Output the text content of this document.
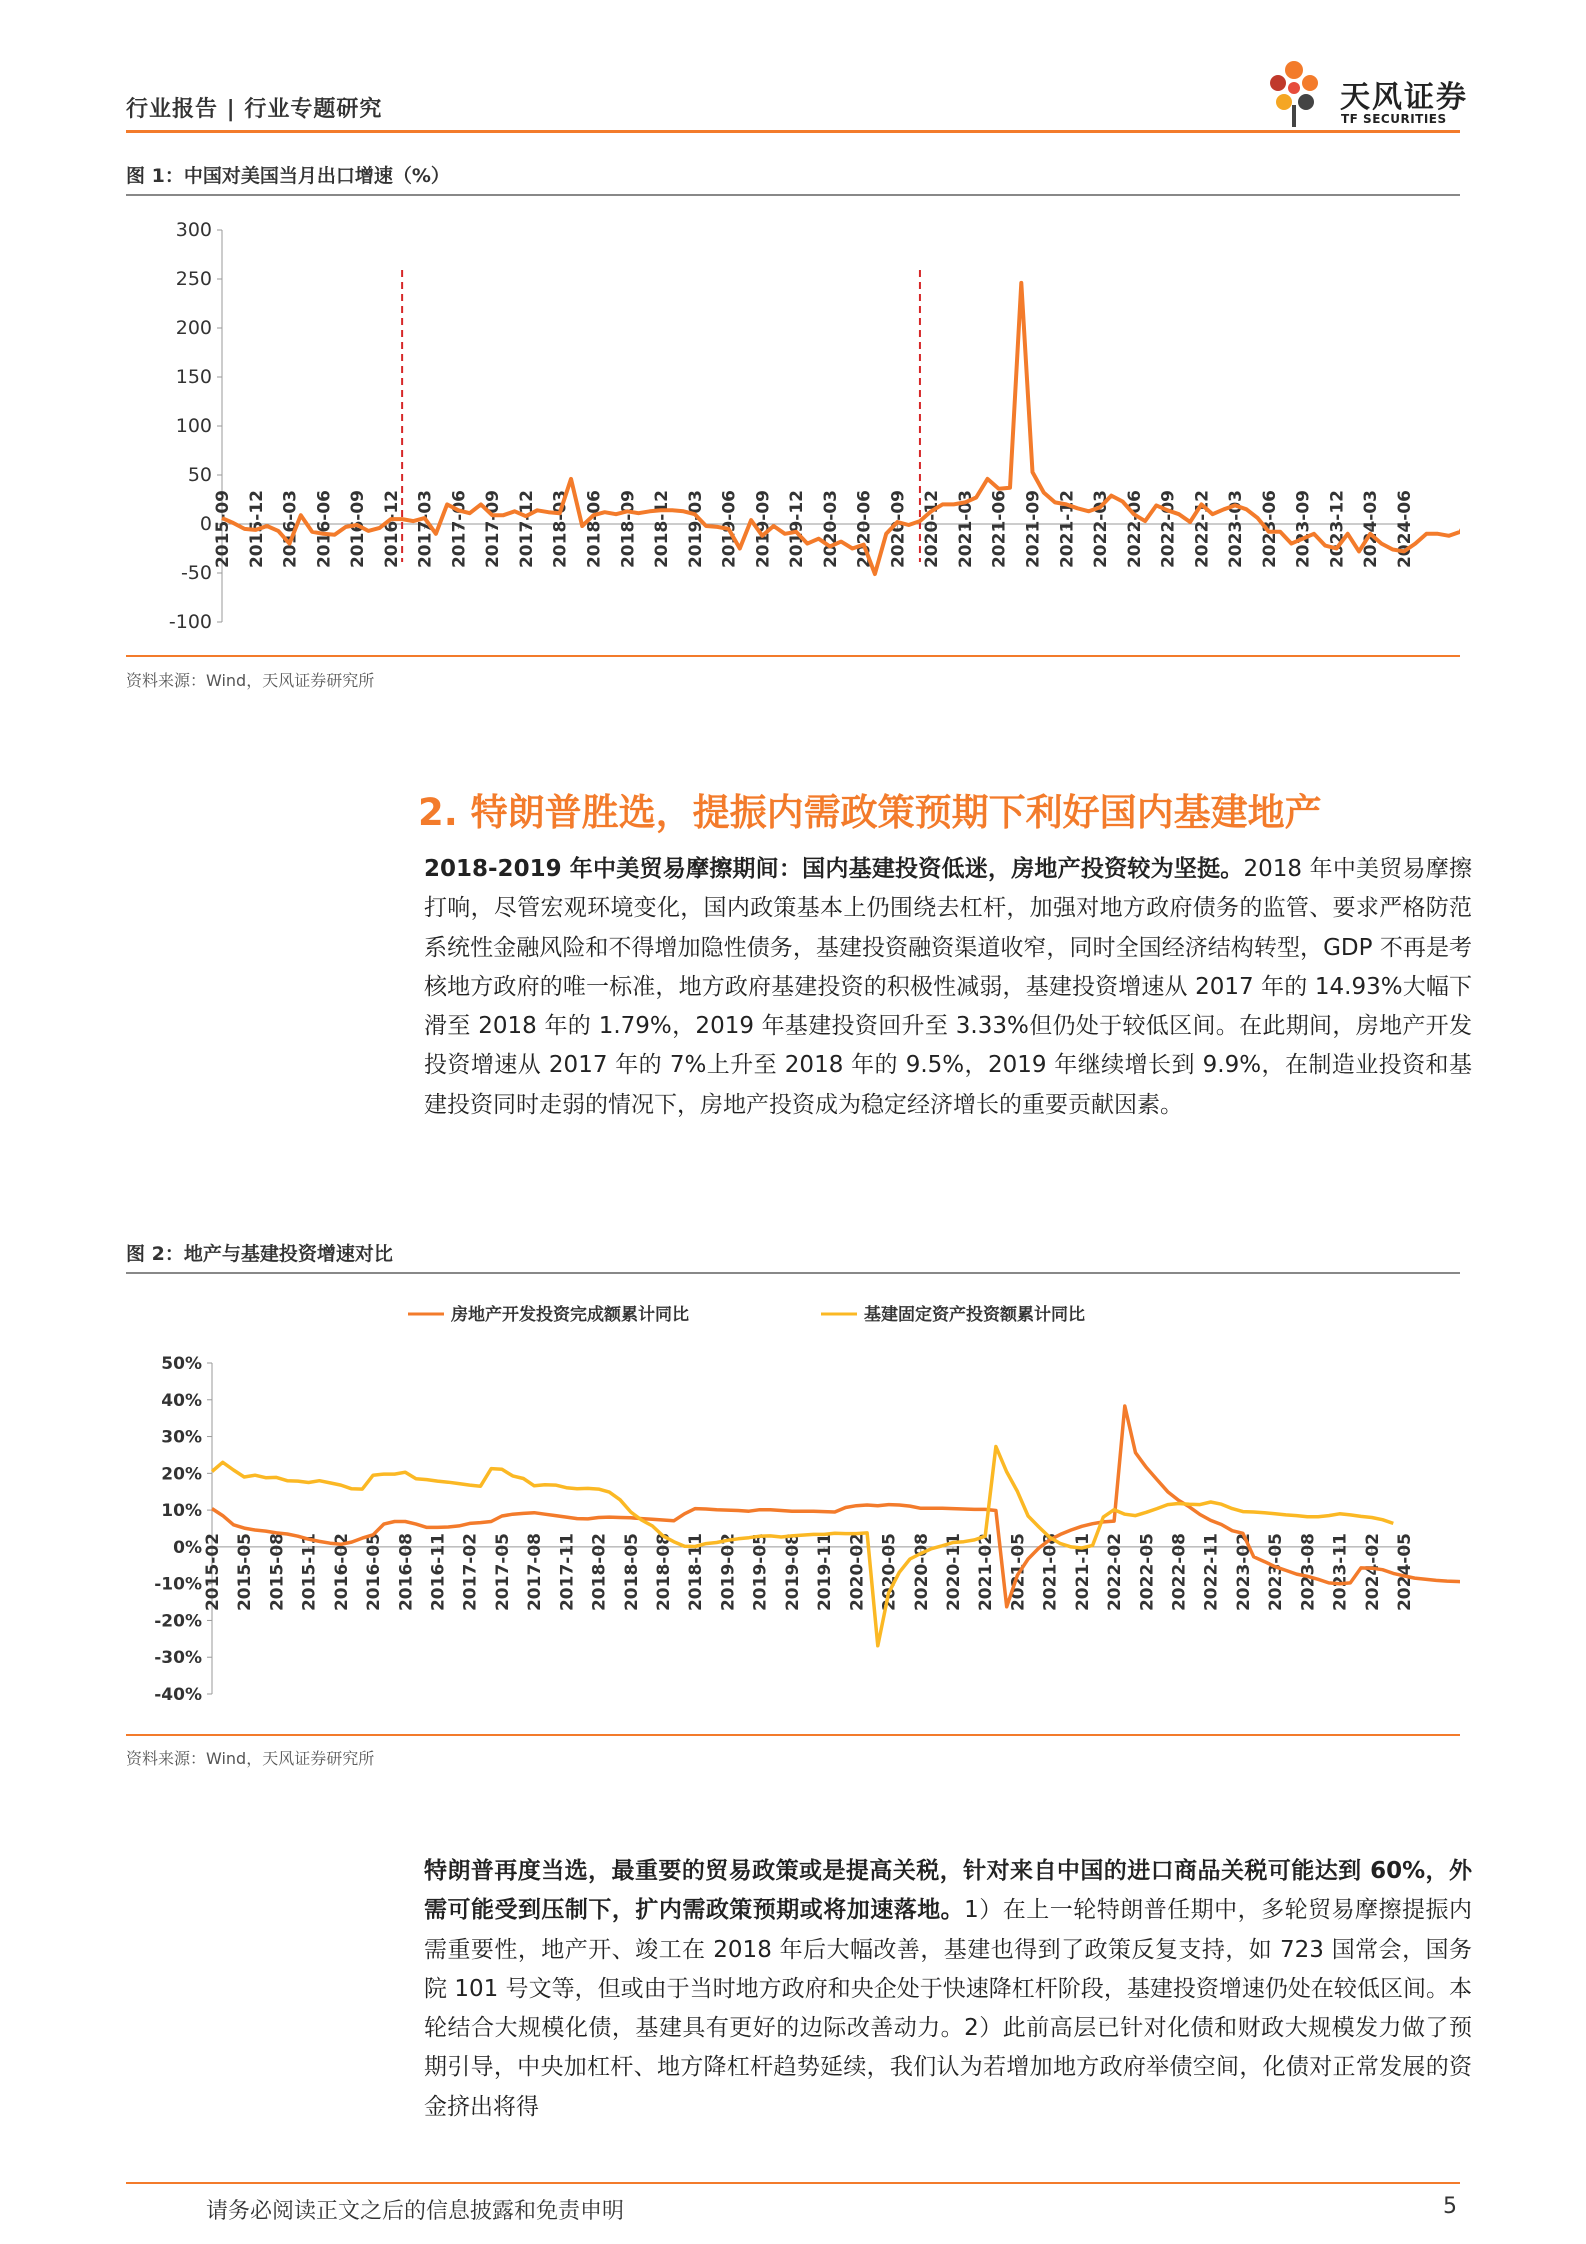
行业报告 | 行业专题研究	天风证券
TF SECURITIES
图 1：中国对美国当月出口增速（%）
300
250
200
150
100
50
0
-50
-100
2015-09 2015-12 2016-03 2016-06 2016-09 2016-12 2017-03 2017-06 2017-09 2017-12 2018-03 2018-06 2018-09 2018-12 2019-03 2019-06 2019-09 2019-12 2020-03 2020-06 2020-09 2020-12 2021-03 2021-06 2021-09 2021-12 2022-03 2022-06 2022-09 2022-12 2023-03 2023-06 2023-09 2023-12 2024-03 2024-06
资料来源：Wind，天风证券研究所
2. 特朗普胜选，提振内需政策预期下利好国内基建地产
2018-2019 年中美贸易摩擦期间：国内基建投资低迷，房地产投资较为坚挺。2018 年中美贸易摩擦打响，尽管宏观环境变化，国内政策基本上仍围绕去杠杆，加强对地方政府债务的监管、要求严格防范系统性金融风险和不得增加隐性债务，基建投资融资渠道收窄，同时全国经济结构转型，GDP 不再是考核地方政府的唯一标准，地方政府基建投资的积极性减弱，基建投资增速从 2017 年的 14.93%大幅下滑至 2018 年的 1.79%，2019 年基建投资回升至 3.33%但仍处于较低区间。在此期间，房地产开发投资增速从 2017 年的 7%上升至 2018 年的 9.5%，2019 年继续增长到 9.9%，在制造业投资和基建投资同时走弱的情况下，房地产投资成为稳定经济增长的重要贡献因素。
图 2：地产与基建投资增速对比
房地产开发投资完成额累计同比	基建固定资产投资额累计同比
50%
40%
30%
20%
10%
0%
-10%
-20%
-30%
-40%
2015-02 2015-05 2015-08 2015-11 2016-02 2016-05 2016-08 2016-11 2017-02 2017-05 2017-08 2017-11 2018-02 2018-05 2018-08 2018-11 2019-02 2019-05 2019-08 2019-11 2020-02 2020-05 2020-08 2020-11 2021-02 2021-05 2021-08 2021-11 2022-02 2022-05 2022-08 2022-11 2023-02 2023-05 2023-08 2023-11 2024-02 2024-05
资料来源：Wind，天风证券研究所
特朗普再度当选，最重要的贸易政策或是提高关税，针对来自中国的进口商品关税可能达到 60%，外需可能受到压制下，扩内需政策预期或将加速落地。1）在上一轮特朗普任期中，多轮贸易摩擦提振内需重要性，地产开、竣工在 2018 年后大幅改善，基建也得到了政策反复支持，如 723 国常会，国务院 101 号文等，但或由于当时地方政府和央企处于快速降杠杆阶段，基建投资增速仍处在较低区间。本轮结合大规模化债，基建具有更好的边际改善动力。2）此前高层已针对化债和财政大规模发力做了预期引导，中央加杠杆、地方降杠杆趋势延续，我们认为若增加地方政府举债空间，化债对正常发展的资金挤出将得
请务必阅读正文之后的信息披露和免责申明	5
